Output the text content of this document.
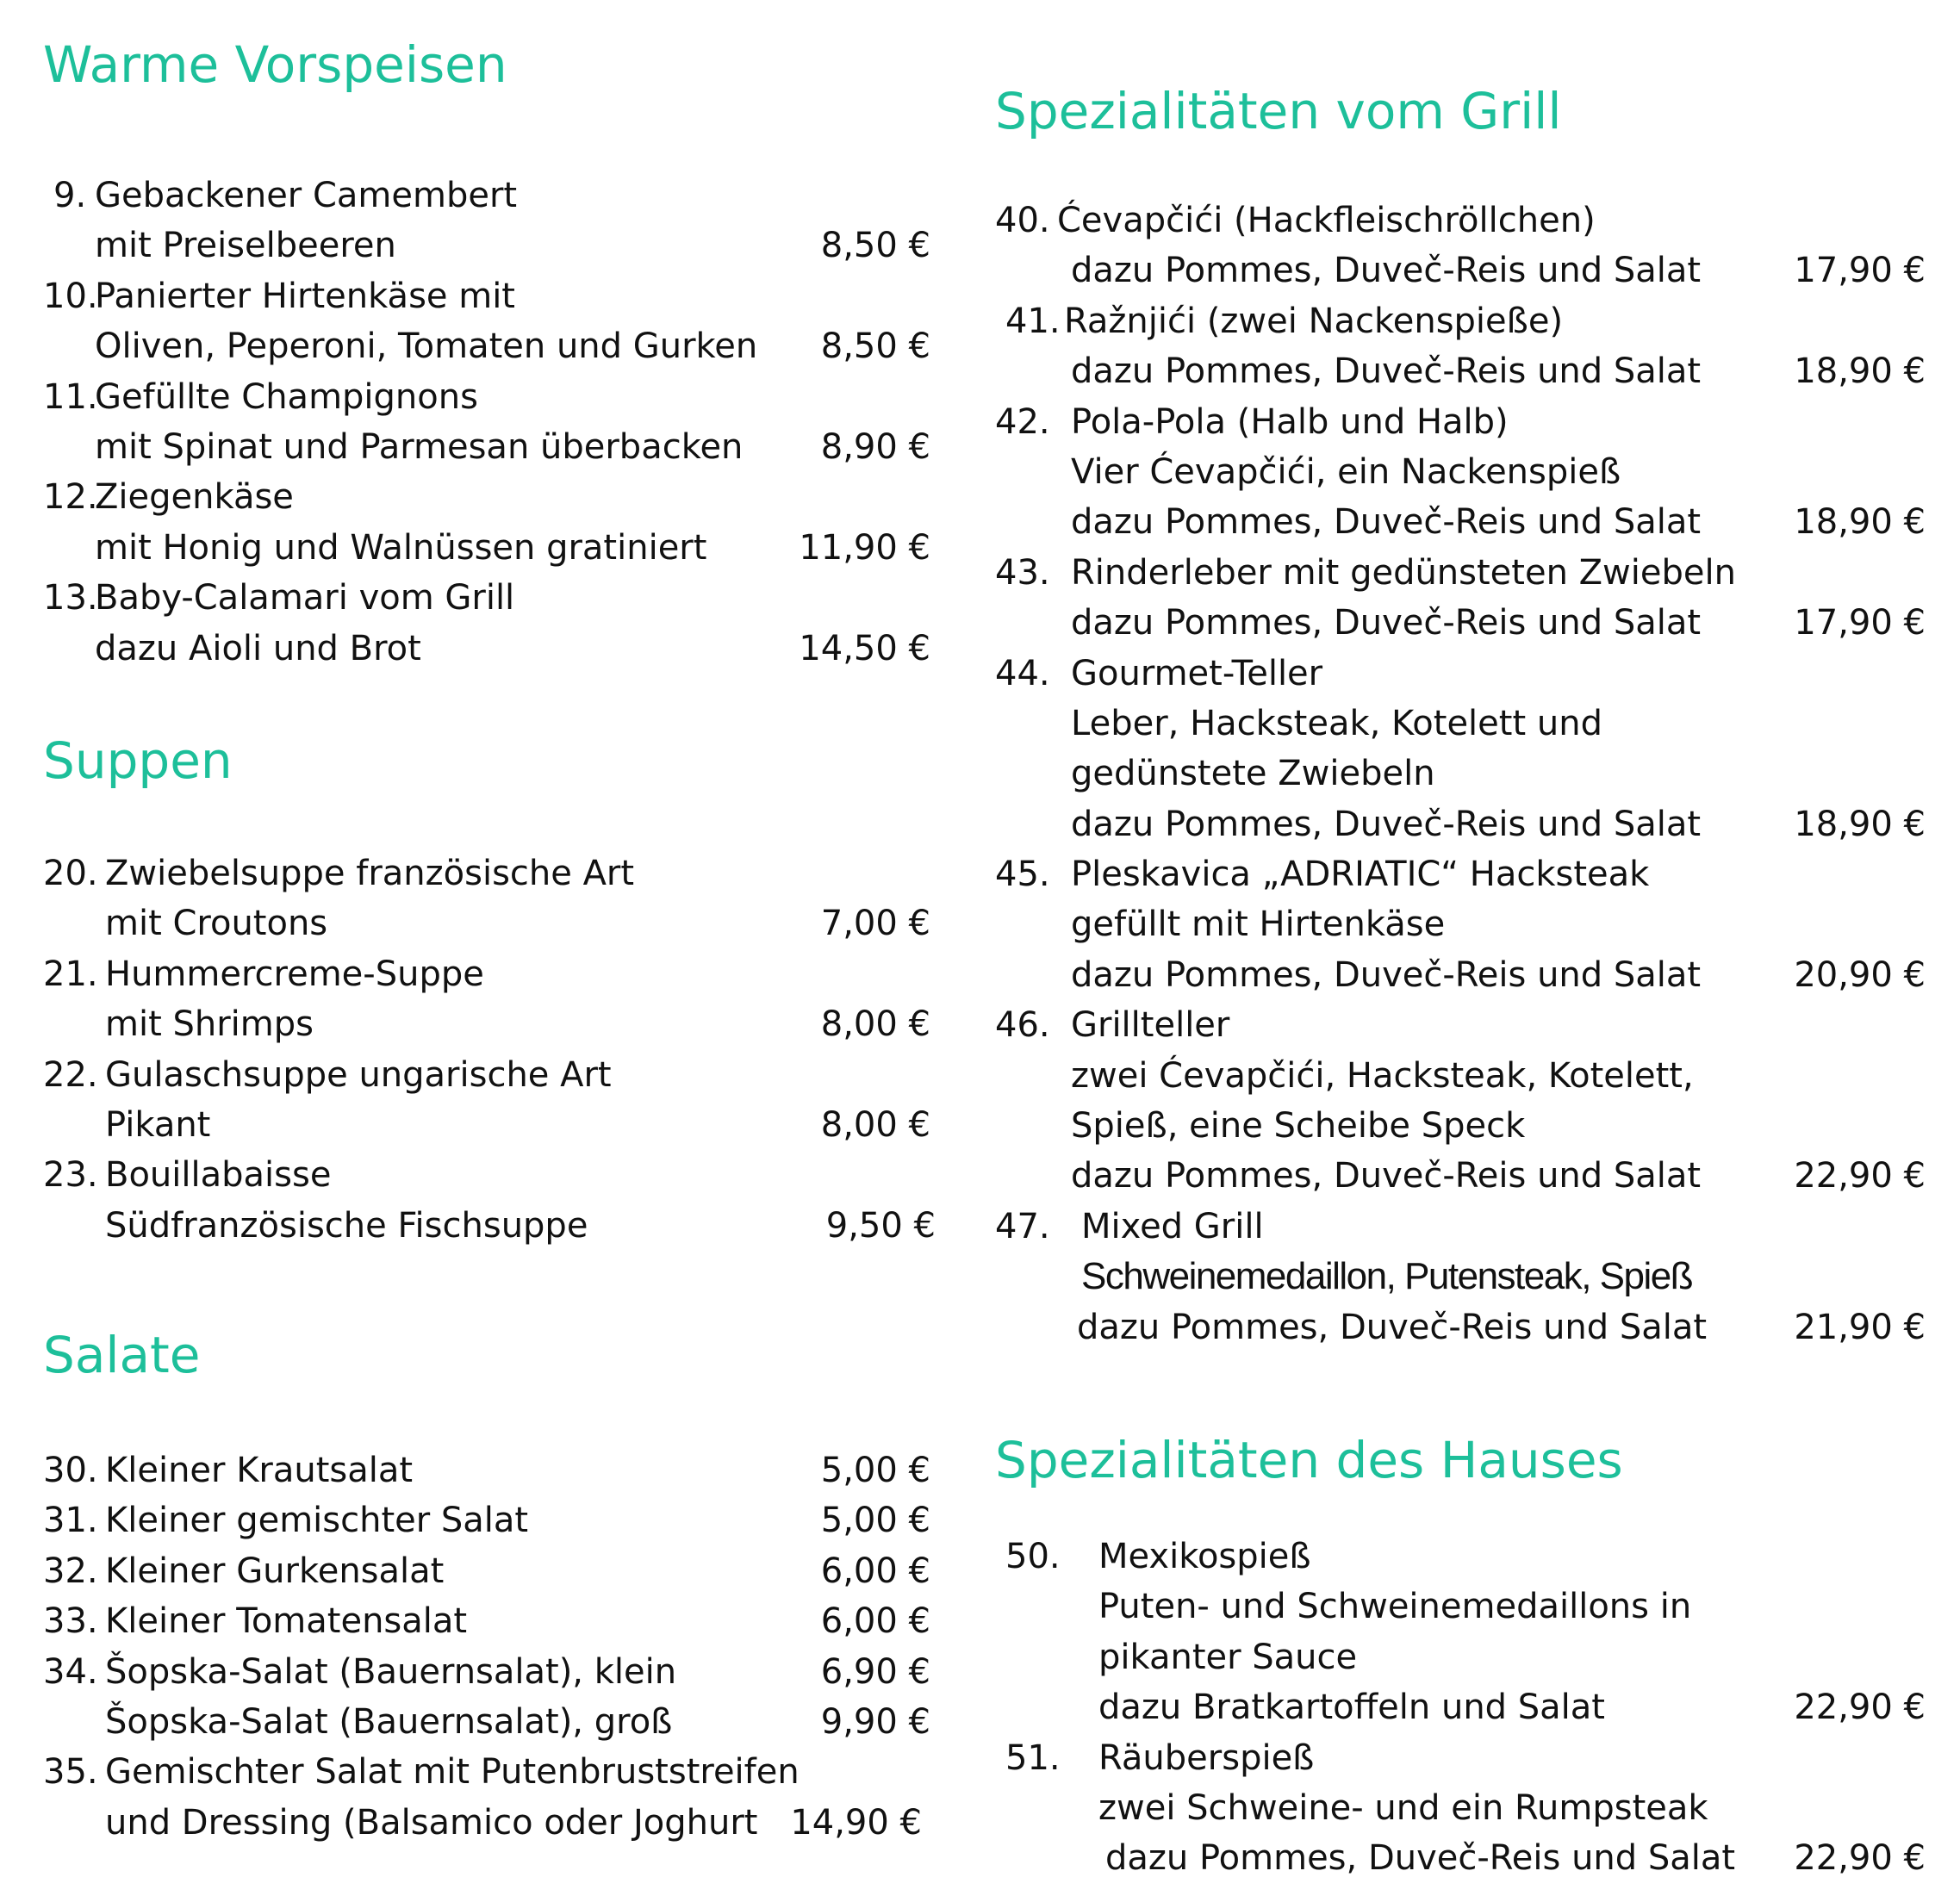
Warme Vorspeisen
9. Gebackener Camembert
mit Preiselbeeren	8,50 €
10.
Panierter Hirtenkäse mit
Oliven, Peperoni, Tomaten und Gurken 8,50 €
11.
Gefüllte Champignons
mit Spinat und Parmesan überbacken 8,90 €
12.
Ziegenkäse
mit Honig und Walnüssen gratiniert	11,90 €
13.
Baby-Calamari vom Grill
dazu Aioli und Brot	14,50 €
Suppen
20. Zwiebelsuppe französische Art
mit Croutons	7,00 €
21. Hummercreme-Suppe
mit Shrimps	8,00 €
22. Gulaschsuppe ungarische Art
Pikant	8,00 €
23. Bouillabaisse
Südfranzösische Fischsuppe	9,50 €
Salate
30. Kleiner Krautsalat	5,00 €
31. Kleiner gemischter Salat	5,00 €
32. Kleiner Gurkensalat	6,00 €
33. Kleiner Tomatensalat	6,00 €
34. Šopska-Salat (Bauernsalat), klein	6,90 €
Šopska-Salat (Bauernsalat), groß	9,90 €
35. Gemischter Salat mit Putenbruststreifen
und Dressing (Balsamico oder Joghurt 14,90 €
Spezialitäten vom Grill
40. Ćevapčići (Hackfleischröllchen)
dazu Pommes, Duveč-Reis und Salat	17,90 €
41. Ražnjići (zwei Nackenspieße)
dazu Pommes, Duveč-Reis und Salat	18,90 €
42. Pola-Pola (Halb und Halb)
Vier Ćevapčići, ein Nackenspieß
dazu Pommes, Duveč-Reis und Salat	18,90 €
43. Rinderleber mit gedünsteten Zwiebeln
dazu Pommes, Duveč-Reis und Salat	17,90 €
44. Gourmet-Teller
Leber, Hacksteak, Kotelett und
gedünstete Zwiebeln
dazu Pommes, Duveč-Reis und Salat	18,90 €
45. Pleskavica „ADRIATIC“ Hacksteak
gefüllt mit Hirtenkäse
dazu Pommes, Duveč-Reis und Salat	20,90 €
46. Grillteller
zwei Ćevapčići, Hacksteak, Kotelett,
Spieß, eine Scheibe Speck
dazu Pommes, Duveč-Reis und Salat	22,90 €
47. Mixed Grill
Schweinemedaillon, Putensteak, Spieß
dazu Pommes, Duveč-Reis und Salat	21,90 €
Spezialitäten des Hauses
50. Mexikospieß
Puten- und Schweinemedaillons in
pikanter Sauce
dazu Bratkartoffeln und Salat	22,90 €
51. Räuberspieß
zwei Schweine- und ein Rumpsteak
dazu Pommes, Duveč-Reis und Salat 22,90 €
